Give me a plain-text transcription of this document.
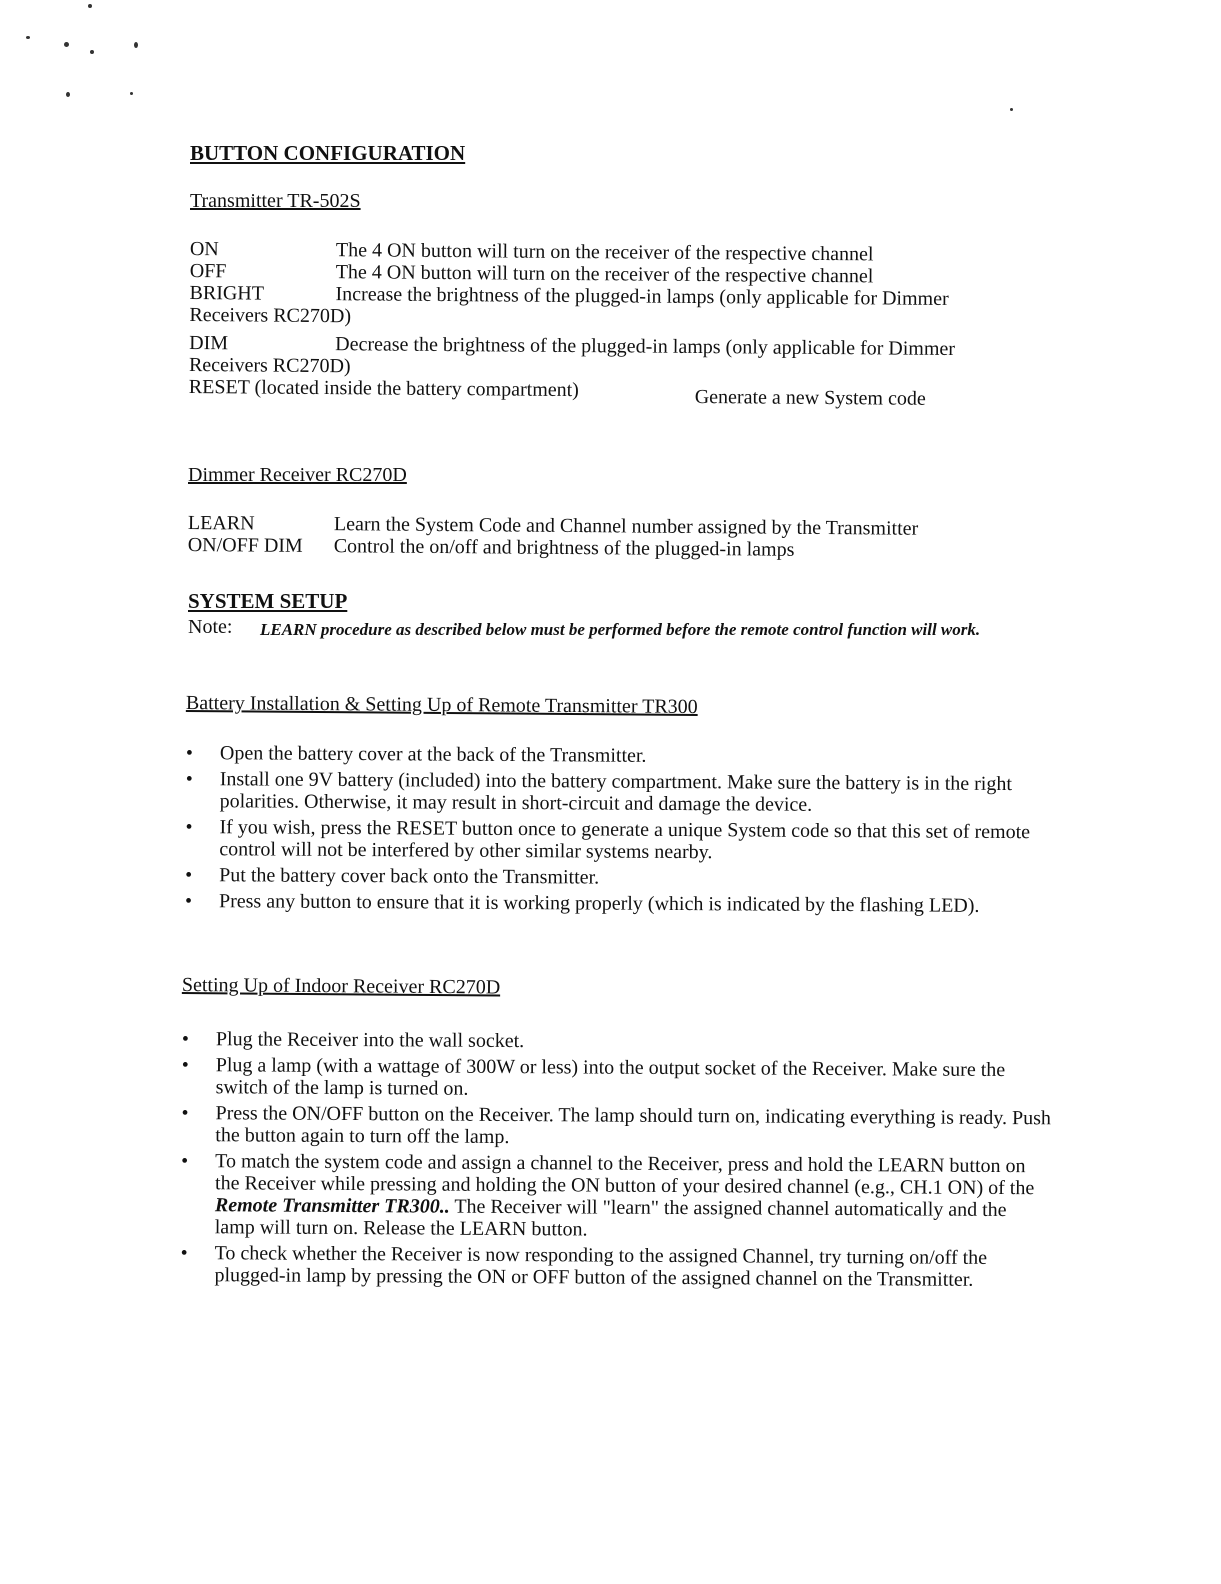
BUTTON CONFIGURATION
Transmitter TR-502S
ON	The 4 ON button will turn on the receiver of the respective channel
OFF	The 4 ON button will turn on the receiver of the respective channel
BRIGHT	Increase the brightness of the plugged-in lamps (only applicable for Dimmer
Receivers RC270D)
DIM	Decrease the brightness of the plugged-in lamps (only applicable for Dimmer
Receivers RC270D)
RESET (located inside the battery compartment)	Generate a new System code
Dimmer Receiver RC270D
LEARN	Learn the System Code and Channel number assigned by the Transmitter
ON/OFF DIM	Control the on/off and brightness of the plugged-in lamps
SYSTEM SETUP
Note:	LEARN procedure as described below must be performed before the remote control function will work.
Battery Installation & Setting Up of Remote Transmitter TR300
• Open the battery cover at the back of the Transmitter.
• Install one 9V battery (included) into the battery compartment. Make sure the battery is in the right polarities. Otherwise, it may result in short-circuit and damage the device.
• If you wish, press the RESET button once to generate a unique System code so that this set of remote control will not be interfered by other similar systems nearby.
• Put the battery cover back onto the Transmitter.
• Press any button to ensure that it is working properly (which is indicated by the flashing LED).
Setting Up of Indoor Receiver RC270D
• Plug the Receiver into the wall socket.
• Plug a lamp (with a wattage of 300W or less) into the output socket of the Receiver. Make sure the switch of the lamp is turned on.
• Press the ON/OFF button on the Receiver. The lamp should turn on, indicating everything is ready. Push the button again to turn off the lamp.
• To match the system code and assign a channel to the Receiver, press and hold the LEARN button on the Receiver while pressing and holding the ON button of your desired channel (e.g., CH.1 ON) of the Remote Transmitter TR300.. The Receiver will "learn" the assigned channel automatically and the lamp will turn on. Release the LEARN button.
• To check whether the Receiver is now responding to the assigned Channel, try turning on/off the plugged-in lamp by pressing the ON or OFF button of the assigned channel on the Transmitter.
